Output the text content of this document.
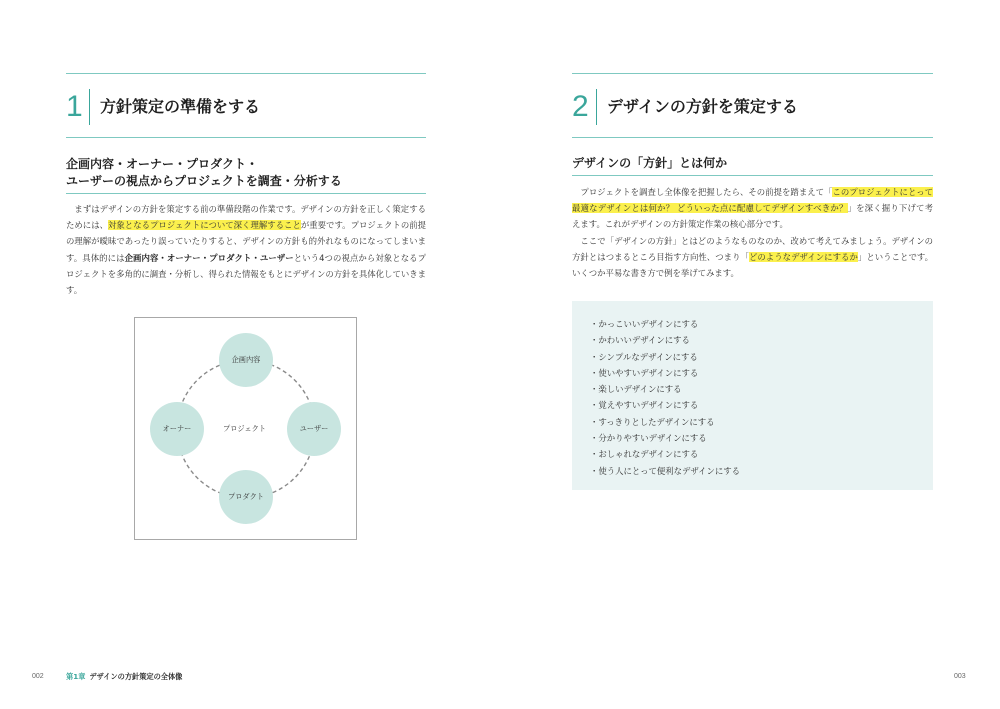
1 方針策定の準備をする
企画内容・オーナー・プロダクト・
ユーザーの視点からプロジェクトを調査・分析する
　まずはデザインの方針を策定する前の準備段階の作業です。デザインの方針を正しく策定するためには、対象となるプロジェクトについて深く理解することが重要です。プロジェクトの前提の理解が曖昧であったり誤っていたりすると、デザインの方針も的外れなものになってしまいます。具体的には企画内容・オーナー・プロダクト・ユーザーという4つの視点から対象となるプロジェクトを多角的に調査・分析し、得られた情報をもとにデザインの方針を具体化していきます。
企画内容
オーナー	ユーザー
プロダクト
プロジェクト
002	第1章 デザインの方針策定の全体像
2 デザインの方針を策定する
デザインの「方針」とは何か
　プロジェクトを調査し全体像を把握したら、その前提を踏まえて「このプロジェクトにとって最適なデザインとは何か？ どういった点に配慮してデザインすべきか？」を深く掘り下げて考えます。これがデザインの方針策定作業の核心部分です。
　ここで「デザインの方針」とはどのようなものなのか、改めて考えてみましょう。デザインの方針とはつまるところ目指す方向性、つまり「どのようなデザインにするか」ということです。いくつか平易な書き方で例を挙げてみます。
・かっこいいデザインにする
・かわいいデザインにする
・シンプルなデザインにする
・使いやすいデザインにする
・楽しいデザインにする
・覚えやすいデザインにする
・すっきりとしたデザインにする
・分かりやすいデザインにする
・おしゃれなデザインにする
・使う人にとって便利なデザインにする
003
